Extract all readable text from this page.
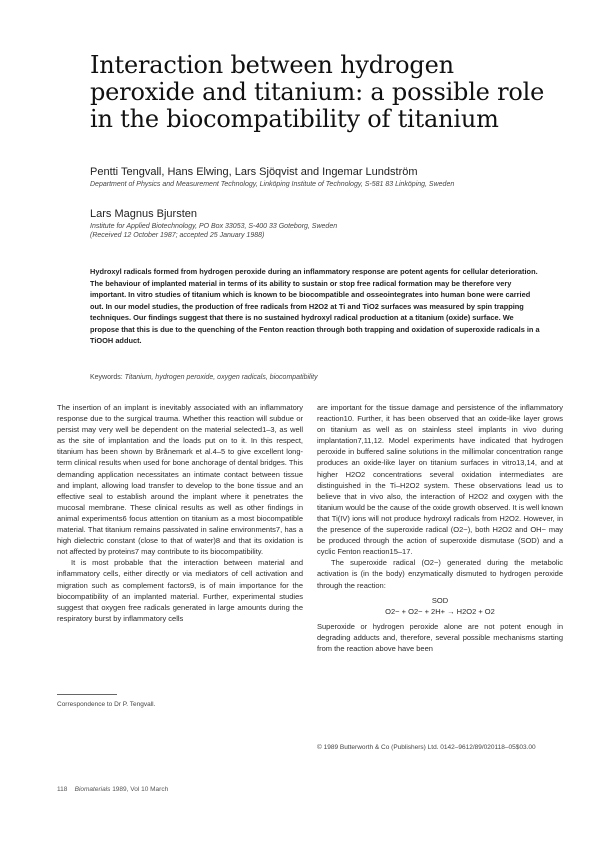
Interaction between hydrogen peroxide and titanium: a possible role in the biocompatibility of titanium
Pentti Tengvall, Hans Elwing, Lars Sjöqvist and Ingemar Lundström
Department of Physics and Measurement Technology, Linköping Institute of Technology, S-581 83 Linköping, Sweden
Lars Magnus Bjursten
Institute for Applied Biotechnology, PO Box 33053, S-400 33 Goteborg, Sweden
(Received 12 October 1987; accepted 25 January 1988)

Hydroxyl radicals formed from hydrogen peroxide during an inflammatory response are potent agents for cellular deterioration. The behaviour of implanted material in terms of its ability to sustain or stop free radical formation may be therefore very important. In vitro studies of titanium which is known to be biocompatible and osseointegrates into human bone were carried out. In our model studies, the production of free radicals from H2O2 at Ti and TiO2 surfaces was measured by spin trapping techniques. Our findings suggest that there is no sustained hydroxyl radical production at a titanium (oxide) surface. We propose that this is due to the quenching of the Fenton reaction through both trapping and oxidation of superoxide radicals in a TiOOH adduct.

Keywords: Titanium, hydrogen peroxide, oxygen radicals, biocompatibility

The insertion of an implant is inevitably associated with an inflammatory response due to the surgical trauma. Whether this reaction will subdue or persist may very well be dependent on the material selected1–3, as well as the site of implantation and the loads put on to it. In this respect, titanium has been shown by Brånemark et al.4–5 to give excellent long-term clinical results when used for bone anchorage of dental bridges. This demanding application necessitates an intimate contact between tissue and implant, allowing load transfer to develop to the bone tissue and an effective seal to establish around the implant where it penetrates the mucosal membrane. These clinical results as well as other findings in animal experiments6 focus attention on titanium as a most biocompatible material. That titanium remains passivated in saline environments7, has a high dielectric constant (close to that of water)8 and that its oxidation is not affected by proteins7 may contribute to its biocompatibility.

It is most probable that the interaction between material and inflammatory cells, either directly or via mediators of cell activation and migration such as complement factors9, is of main importance for the biocompatibility of an implanted material. Further, experimental studies suggest that oxygen free radicals generated in large amounts during the respiratory burst by inflammatory cells

are important for the tissue damage and persistence of the inflammatory reaction10. Further, it has been observed that an oxide-like layer grows on titanium as well as on stainless steel implants in vivo during implantation7,11,12. Model experiments have indicated that hydrogen peroxide in buffered saline solutions in the millimolar concentration range produces an oxide-like layer on titanium surfaces in vitro13,14, and at higher H2O2 concentrations several oxidation intermediates are distinguished in the Ti–H2O2 system. These observations lead us to believe that in vivo also, the interaction of H2O2 and oxygen with the titanium would be the cause of the oxide growth observed. It is well known that Ti(IV) ions will not produce hydroxyl radicals from H2O2. However, in the presence of the superoxide radical (O2−), both H2O2 and OH− may be produced through the action of superoxide dismutase (SOD) and a cyclic Fenton reaction15–17.

The superoxide radical (O2−) generated during the metabolic activation is (in the body) enzymatically dismuted to hydrogen peroxide through the reaction:

SOD
O2− + O2− + 2H+ → H2O2 + O2

Superoxide or hydrogen peroxide alone are not potent enough in degrading adducts and, therefore, several possible mechanisms starting from the reaction above have been

Correspondence to Dr P. Tengvall.
© 1989 Butterworth & Co (Publishers) Ltd. 0142–9612/89/020118–05$03.00
118 Biomaterials 1989, Vol 10 March
